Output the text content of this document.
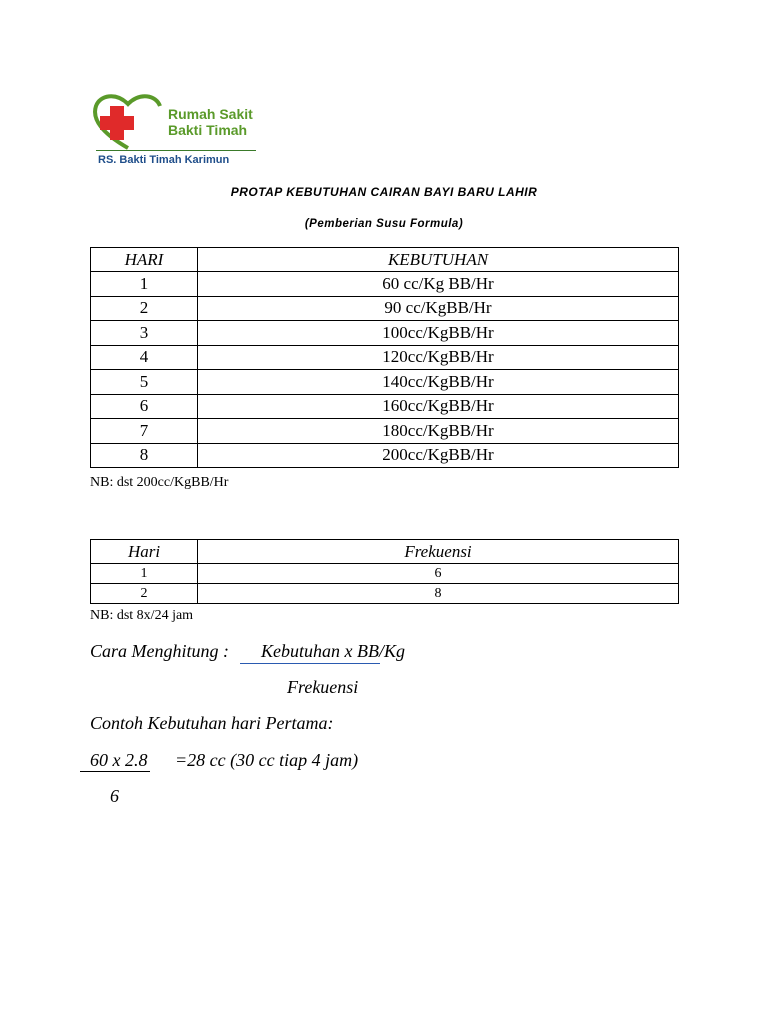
Rumah Sakit
Bakti Timah
RS. Bakti Timah Karimun
PROTAP KEBUTUHAN CAIRAN BAYI BARU LAHIR
(Pemberian Susu Formula)
HARI	KEBUTUHAN
1	60 cc/Kg BB/Hr
2	90 cc/KgBB/Hr
3	100cc/KgBB/Hr
4	120cc/KgBB/Hr
5	140cc/KgBB/Hr
6	160cc/KgBB/Hr
7	180cc/KgBB/Hr
8	200cc/KgBB/Hr
NB: dst 200cc/KgBB/Hr
Hari	Frekuensi
1	6
2	8
NB: dst 8x/24 jam
Cara Menghitung : Kebutuhan x BB/Kg
Frekuensi
Contoh Kebutuhan hari Pertama:
60 x 2.8 =28 cc (30 cc tiap 4 jam)
6
